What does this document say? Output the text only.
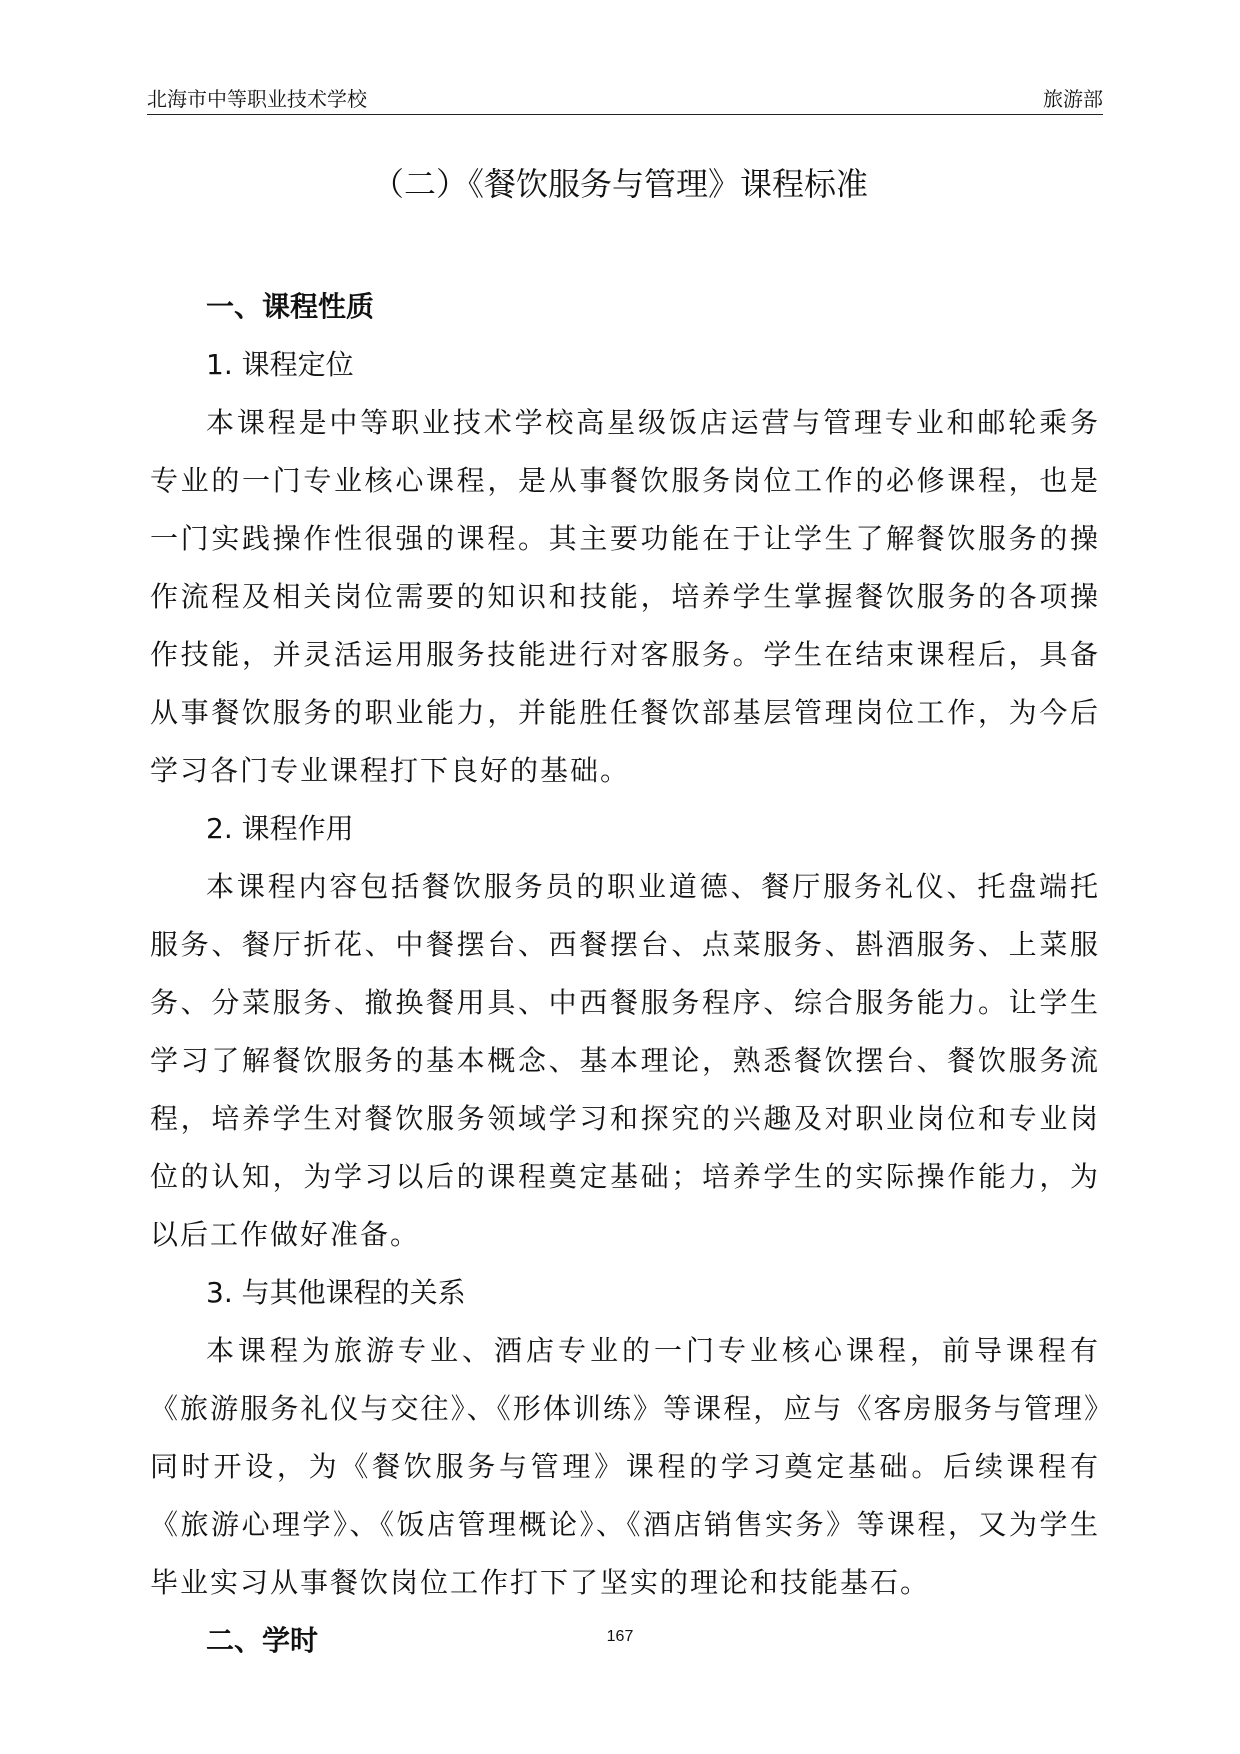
北海市中等职业技术学校	旅游部
（二）《餐饮服务与管理》课程标准
一、课程性质
1. 课程定位

本课程是中等职业技术学校高星级饭店运营与管理专业和邮轮乘务专业的一门专业核心课程，是从事餐饮服务岗位工作的必修课程，也是一门实践操作性很强的课程。其主要功能在于让学生了解餐饮服务的操作流程及相关岗位需要的知识和技能，培养学生掌握餐饮服务的各项操作技能，并灵活运用服务技能进行对客服务。学生在结束课程后，具备从事餐饮服务的职业能力，并能胜任餐饮部基层管理岗位工作，为今后学习各门专业课程打下良好的基础。

2. 课程作用

本课程内容包括餐饮服务员的职业道德、餐厅服务礼仪、托盘端托服务、餐厅折花、中餐摆台、西餐摆台、点菜服务、斟酒服务、上菜服务、分菜服务、撤换餐用具、中西餐服务程序、综合服务能力。让学生学习了解餐饮服务的基本概念、基本理论，熟悉餐饮摆台、餐饮服务流程，培养学生对餐饮服务领域学习和探究的兴趣及对职业岗位和专业岗位的认知，为学习以后的课程奠定基础；培养学生的实际操作能力，为以后工作做好准备。

3. 与其他课程的关系

本课程为旅游专业、酒店专业的一门专业核心课程，前导课程有《旅游服务礼仪与交往》、《形体训练》等课程，应与《客房服务与管理》同时开设，为《餐饮服务与管理》课程的学习奠定基础。后续课程有《旅游心理学》、《饭店管理概论》、《酒店销售实务》等课程，又为学生毕业实习从事餐饮岗位工作打下了坚实的理论和技能基石。

二、学时	167
